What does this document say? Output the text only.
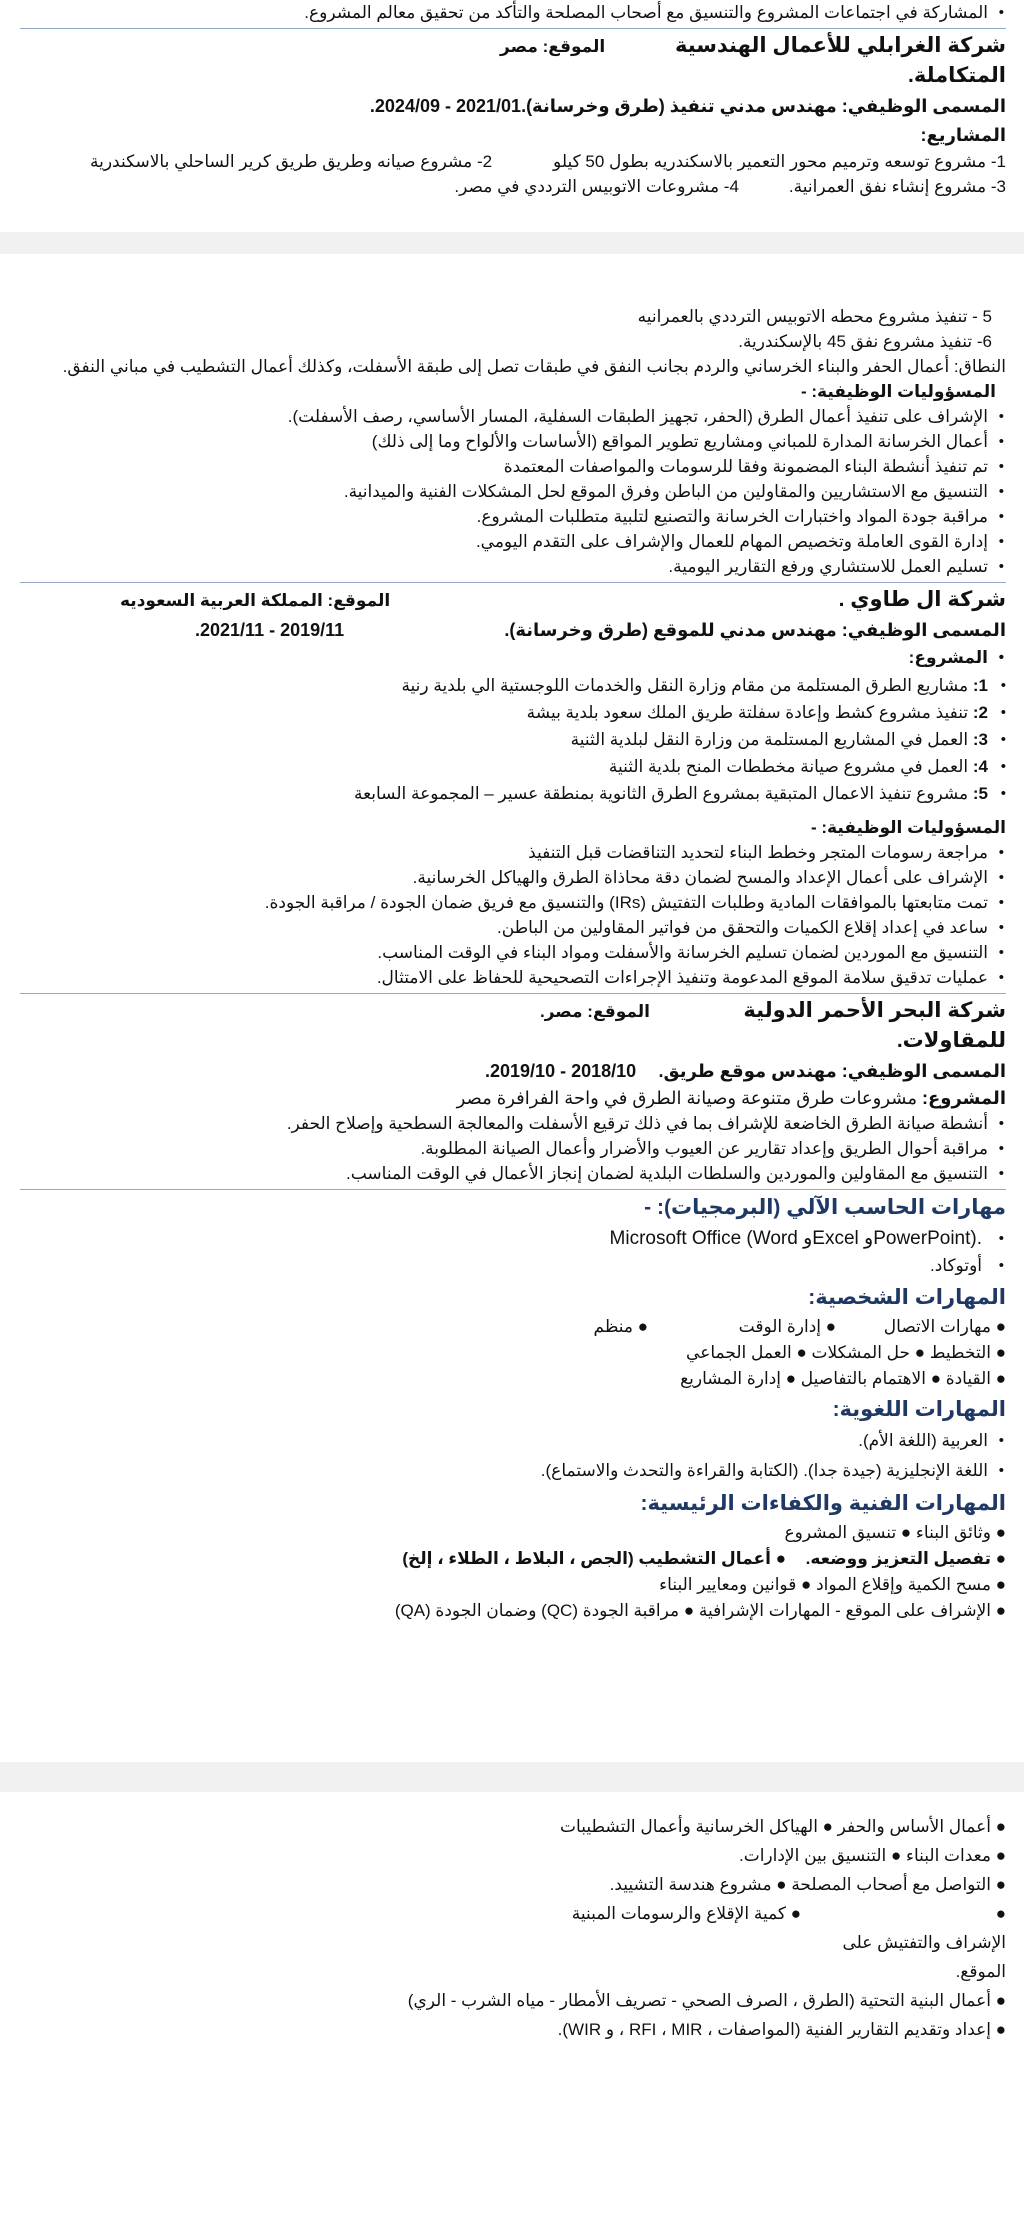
• المشاركة في اجتماعات المشروع والتنسيق مع أصحاب المصلحة والتأكد من تحقيق معالم المشروع.
شركة الغرابلي للأعمال الهندسية المتكاملة.
الموقع: مصر
المسمى الوظيفي: مهندس مدني تنفيذ (طرق وخرسانة).
2021/01 - 2024/09.
المشاريع:
1- مشروع توسعه وترميم محور التعمير بالاسكندريه بطول 50 كيلو
2- مشروع صيانه وطريق طريق كرير الساحلي بالاسكندرية
3- مشروع إنشاء نفق العمرانية.
4- مشروعات الاتوبيس الترددي في مصر.
5 - تنفيذ مشروع محطه الاتوبيس الترددي بالعمرانيه
6- تنفيذ مشروع نفق 45 بالإسكندرية.
النطاق: أعمال الحفر والبناء الخرساني والردم بجانب النفق في طبقات تصل إلى طبقة الأسفلت، وكذلك أعمال التشطيب في مباني النفق.
المسؤوليات الوظيفية: -
• الإشراف على تنفيذ أعمال الطرق (الحفر، تجهيز الطبقات السفلية، المسار الأساسي، رصف الأسفلت).
• أعمال الخرسانة المدارة للمباني ومشاريع تطوير المواقع (الأساسات والألواح وما إلى ذلك)
• تم تنفيذ أنشطة البناء المضمونة وفقا للرسومات والمواصفات المعتمدة
• التنسيق مع الاستشاريين والمقاولين من الباطن وفرق الموقع لحل المشكلات الفنية والميدانية.
• مراقبة جودة المواد واختبارات الخرسانة والتصنيع لتلبية متطلبات المشروع.
• إدارة القوى العاملة وتخصيص المهام للعمال والإشراف على التقدم اليومي.
• تسليم العمل للاستشاري ورفع التقارير اليومية.
شركة ال طاوي .
الموقع: المملكة العربية السعوديه
المسمى الوظيفي: مهندس مدني للموقع (طرق وخرسانة).
2019/11 - 2021/11.
• المشروع:
• 1: مشاريع الطرق المستلمة من مقام وزارة النقل والخدمات اللوجستية الي بلدية رنية
• 2: تنفيذ مشروع كشط وإعادة سفلتة طريق الملك سعود بلدية بيشة
• 3: العمل في المشاريع المستلمة من وزارة النقل لبلدية الثنية
• 4: العمل في مشروع صيانة مخططات المنح بلدية الثنية
• 5: مشروع تنفيذ الاعمال المتبقية بمشروع الطرق الثانوية بمنطقة عسير – المجموعة السابعة
المسؤوليات الوظيفية: -
• مراجعة رسومات المتجر وخطط البناء لتحديد التناقضات قبل التنفيذ
• الإشراف على أعمال الإعداد والمسح لضمان دقة محاذاة الطرق والهياكل الخرسانية.
• تمت متابعتها بالموافقات المادية وطلبات التفتيش (IRs) والتنسيق مع فريق ضمان الجودة / مراقبة الجودة.
• ساعد في إعداد إقلاع الكميات والتحقق من فواتير المقاولين من الباطن.
• التنسيق مع الموردين لضمان تسليم الخرسانة والأسفلت ومواد البناء في الوقت المناسب.
• عمليات تدقيق سلامة الموقع المدعومة وتنفيذ الإجراءات التصحيحية للحفاظ على الامتثال.
شركة البحر الأحمر الدولية للمقاولات.
الموقع: مصر.
المسمى الوظيفي: مهندس موقع طريق.
2018/10 - 2019/10.
المشروع: مشروعات طرق متنوعة وصيانة الطرق في واحة الفرافرة مصر
• أنشطة صيانة الطرق الخاضعة للإشراف بما في ذلك ترقيع الأسفلت والمعالجة السطحية وإصلاح الحفر.
• مراقبة أحوال الطريق وإعداد تقارير عن العيوب والأضرار وأعمال الصيانة المطلوبة.
• التنسيق مع المقاولين والموردين والسلطات البلدية لضمان إنجاز الأعمال في الوقت المناسب.
مهارات الحاسب الآلي (البرمجيات): -
• Microsoft Office (Word وExcel وPowerPoint).
• أوتوكاد.
المهارات الشخصية:
● مهارات الاتصال
● إدارة الوقت
● منظم
● التخطيط
● حل المشكلات
● العمل الجماعي
● القيادة
● الاهتمام بالتفاصيل
● إدارة المشاريع
المهارات اللغوية:
• العربية (اللغة الأم).
• اللغة الإنجليزية (جيدة جدا). (الكتابة والقراءة والتحدث والاستماع).
المهارات الفنية والكفاءات الرئيسية:
● وثائق البناء
● تنسيق المشروع
● تفصيل التعزيز ووضعه.
● أعمال التشطيب (الجص ، البلاط ، الطلاء ، إلخ)
● مسح الكمية وإقلاع المواد
● قوانين ومعايير البناء
● الإشراف على الموقع - المهارات الإشرافية
● مراقبة الجودة (QC) وضمان الجودة (QA)
● أعمال الأساس والحفر
● الهياكل الخرسانية وأعمال التشطيبات
● معدات البناء
● التنسيق بين الإدارات.
● التواصل مع أصحاب المصلحة
● مشروع هندسة التشييد.
● الإشراف والتفتيش على الموقع.
● كمية الإقلاع والرسومات المبنية
● أعمال البنية التحتية (الطرق ، الصرف الصحي - تصريف الأمطار - مياه الشرب - الري)
● إعداد وتقديم التقارير الفنية (المواصفات ، RFI ، MIR ، و WIR).
